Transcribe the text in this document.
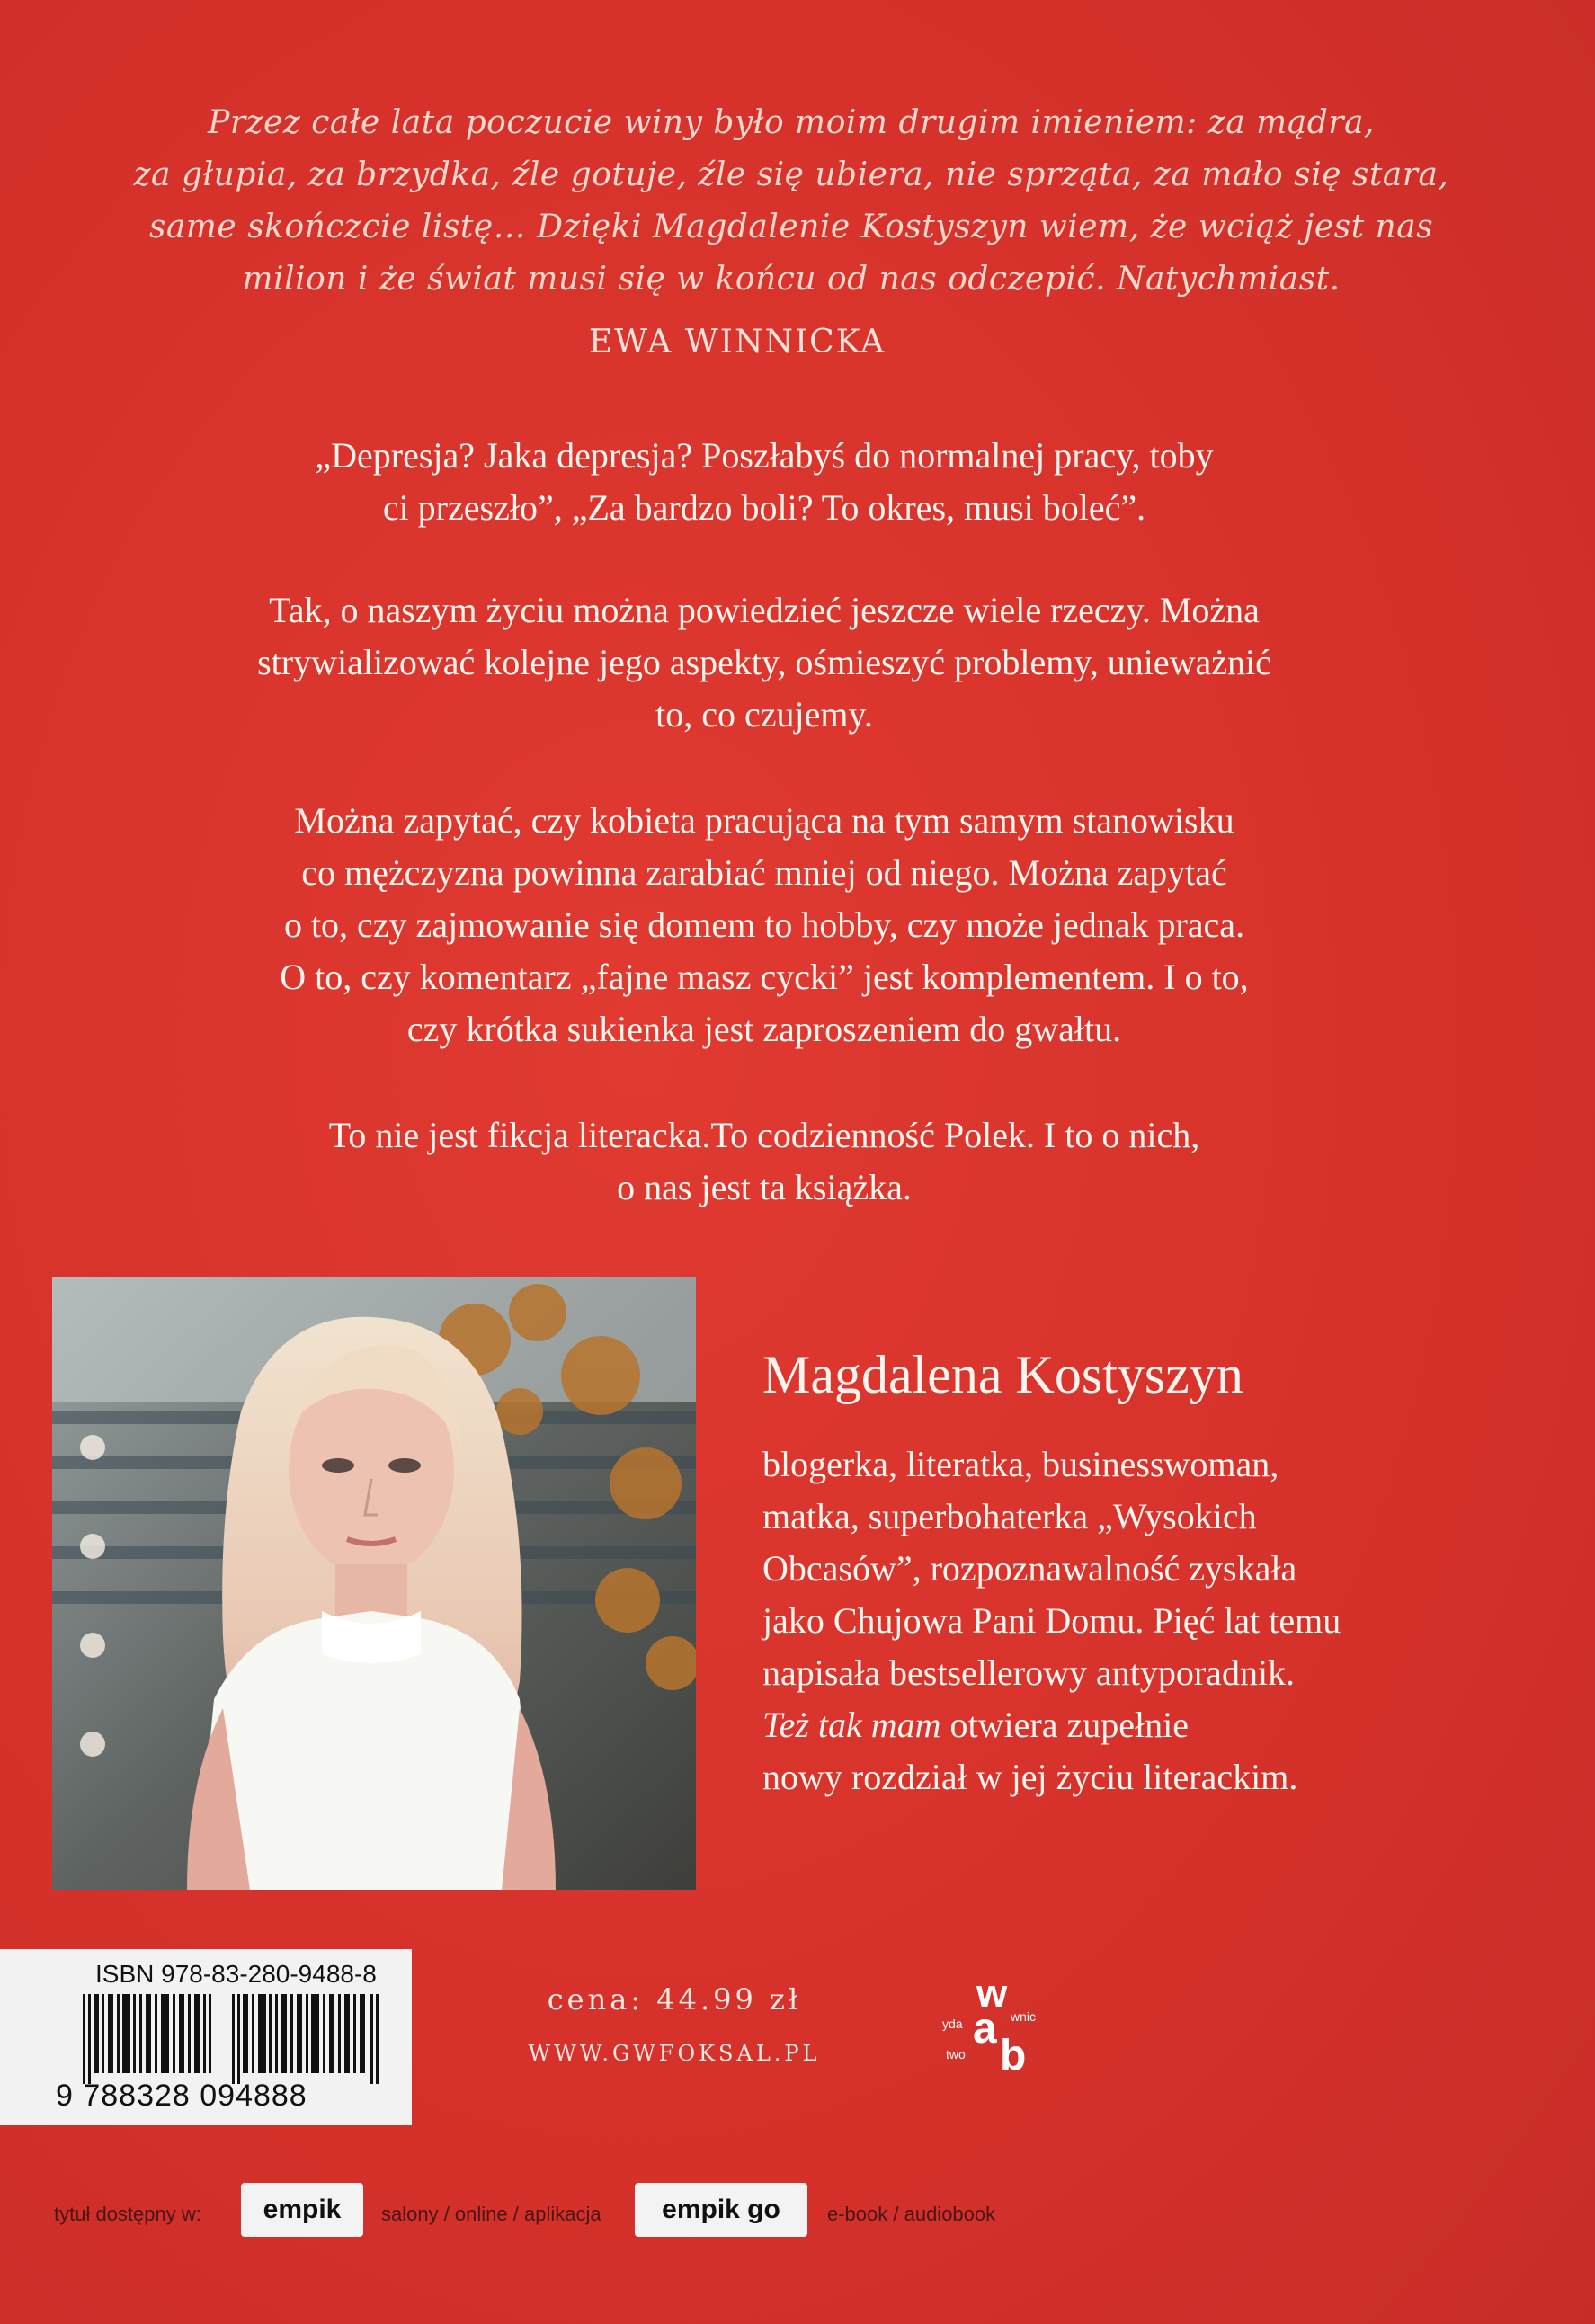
Przez całe lata poczucie winy było moim drugim imieniem: za mądra,

za głupia, za brzydka, źle gotuje, źle się ubiera, nie sprząta, za mało się stara,

same skończcie listę… Dzięki Magdalenie Kostyszyn wiem, że wciąż jest nas

milion i że świat musi się w końcu od nas odczepić. Natychmiast.

EWA WINNICKA

„Depresja? Jaka depresja? Poszłabyś do normalnej pracy, toby

ci przeszło”, „Za bardzo boli? To okres, musi boleć”.

Tak, o naszym życiu można powiedzieć jeszcze wiele rzeczy. Można

strywializować kolejne jego aspekty, ośmieszyć problemy, unieważnić

to, co czujemy.

Można zapytać, czy kobieta pracująca na tym samym stanowisku

co mężczyzna powinna zarabiać mniej od niego. Można zapytać

o to, czy zajmowanie się domem to hobby, czy może jednak praca.

O to, czy komentarz „fajne masz cycki” jest komplementem. I o to,

czy krótka sukienka jest zaproszeniem do gwałtu.

To nie jest fikcja literacka.To codzienność Polek. I to o nich,

o nas jest ta książka.

Magdalena Kostyszyn

blogerka, literatka, businesswoman,

matka, superbohaterka „Wysokich

Obcasów”, rozpoznawalność zyskała

jako Chujowa Pani Domu. Pięć lat temu

napisała bestsellerowy antyporadnik.

Też tak mam otwiera zupełnie

nowy rozdział w jej życiu literackim.

ISBN 978-83-280-9488-8
9 788328 094888
cena: 44.99 zł
WWW.GWFOKSAL.PL
w
a
b
yda	wnic
two
tytuł dostępny w:	empik	salony / online / aplikacja	empik go	e-book / audiobook
